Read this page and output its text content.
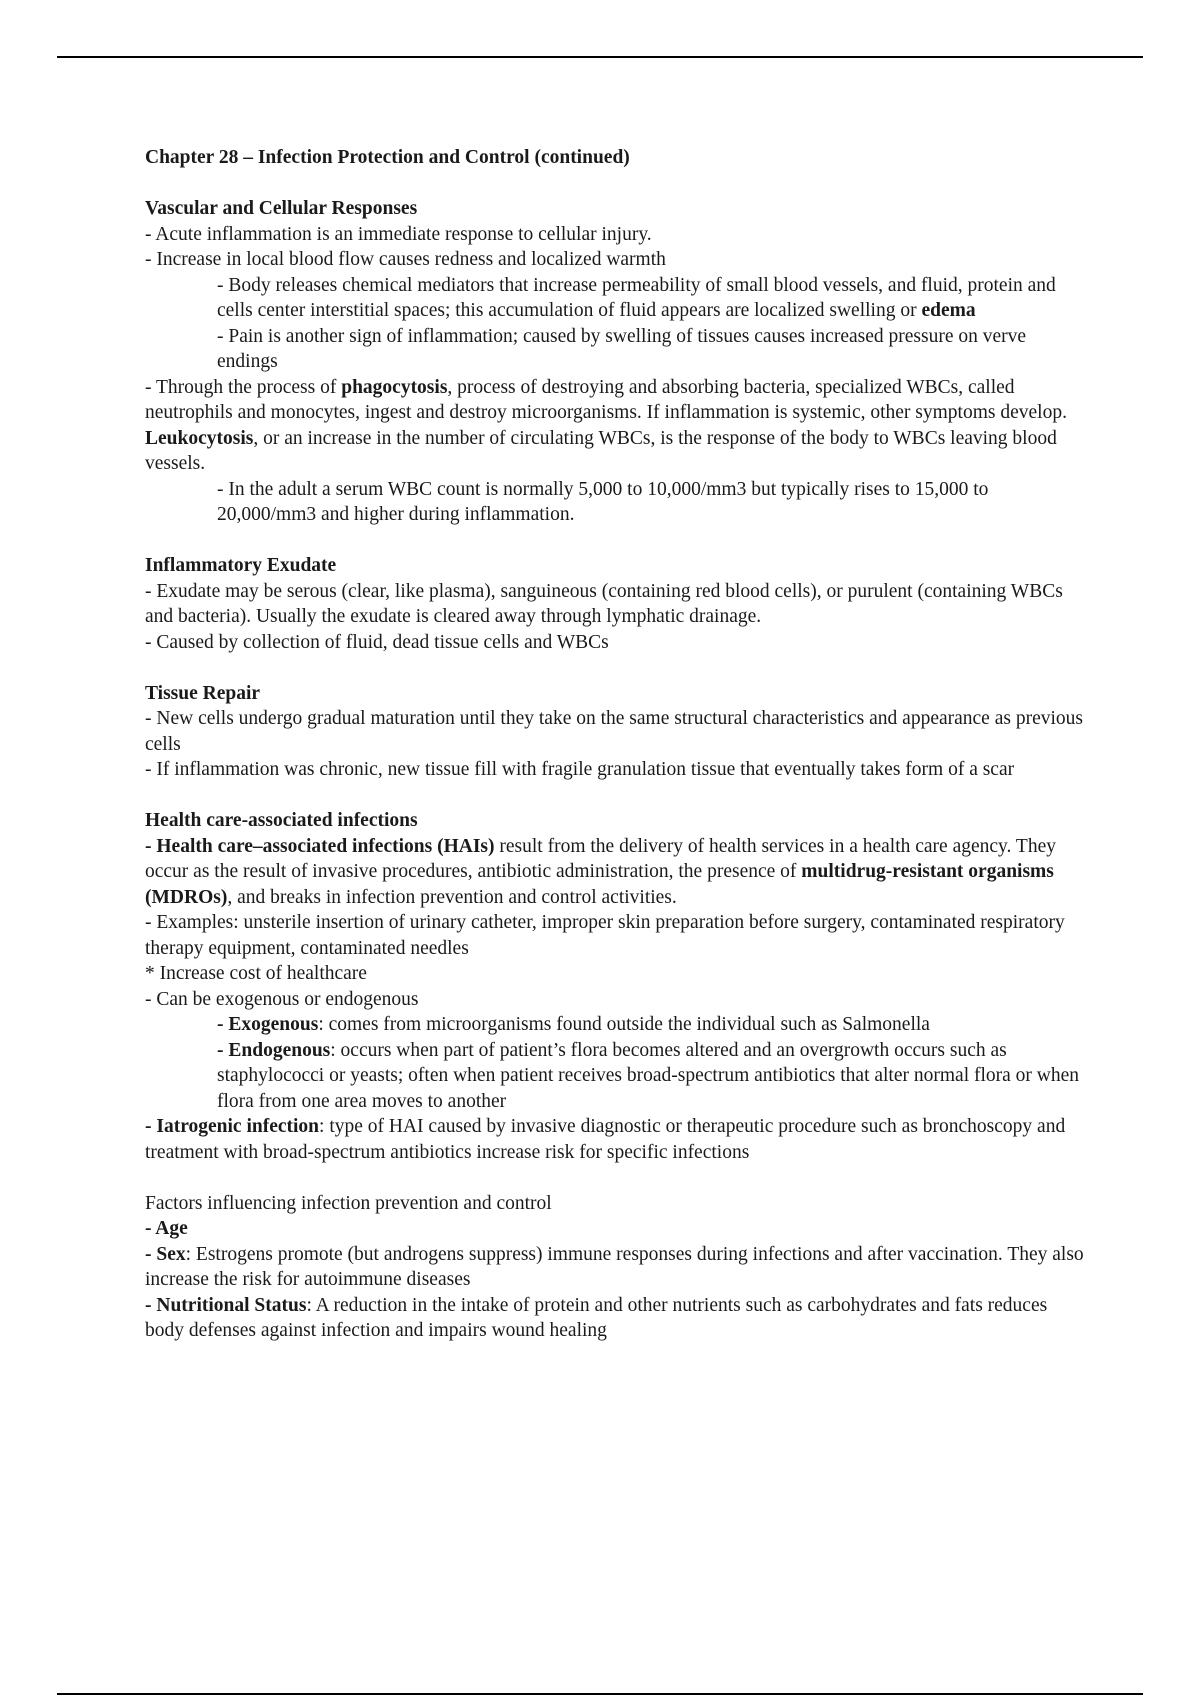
Chapter 28 – Infection Protection and Control (continued)
Vascular and Cellular Responses

- Acute inflammation is an immediate response to cellular injury.

- Increase in local blood flow causes redness and localized warmth

- Body releases chemical mediators that increase permeability of small blood vessels, and fluid, protein and cells center interstitial spaces; this accumulation of fluid appears are localized swelling or edema

- Pain is another sign of inflammation; caused by swelling of tissues causes increased pressure on verve endings

- Through the process of phagocytosis, process of destroying and absorbing bacteria, specialized WBCs, called neutrophils and monocytes, ingest and destroy microorganisms. If inflammation is systemic, other symptoms develop. Leukocytosis, or an increase in the number of circulating WBCs, is the response of the body to WBCs leaving blood vessels.

- In the adult a serum WBC count is normally 5,000 to 10,000/mm3 but typically rises to 15,000 to 20,000/mm3 and higher during inflammation.

Inflammatory Exudate

- Exudate may be serous (clear, like plasma), sanguineous (containing red blood cells), or purulent (containing WBCs and bacteria). Usually the exudate is cleared away through lymphatic drainage.

- Caused by collection of fluid, dead tissue cells and WBCs

Tissue Repair

- New cells undergo gradual maturation until they take on the same structural characteristics and appearance as previous cells

- If inflammation was chronic, new tissue fill with fragile granulation tissue that eventually takes form of a scar

Health care-associated infections

- Health care–associated infections (HAIs) result from the delivery of health services in a health care agency. They occur as the result of invasive procedures, antibiotic administration, the presence of multidrug-resistant organisms (MDROs), and breaks in infection prevention and control activities.

- Examples: unsterile insertion of urinary catheter, improper skin preparation before surgery, contaminated respiratory therapy equipment, contaminated needles

* Increase cost of healthcare

- Can be exogenous or endogenous

- Exogenous: comes from microorganisms found outside the individual such as Salmonella

- Endogenous: occurs when part of patient’s flora becomes altered and an overgrowth occurs such as staphylococci or yeasts; often when patient receives broad-spectrum antibiotics that alter normal flora or when flora from one area moves to another

- Iatrogenic infection: type of HAI caused by invasive diagnostic or therapeutic procedure such as bronchoscopy and treatment with broad-spectrum antibiotics increase risk for specific infections

Factors influencing infection prevention and control

- Age

- Sex: Estrogens promote (but androgens suppress) immune responses during infections and after vaccination. They also increase the risk for autoimmune diseases

- Nutritional Status: A reduction in the intake of protein and other nutrients such as carbohydrates and fats reduces body defenses against infection and impairs wound healing
